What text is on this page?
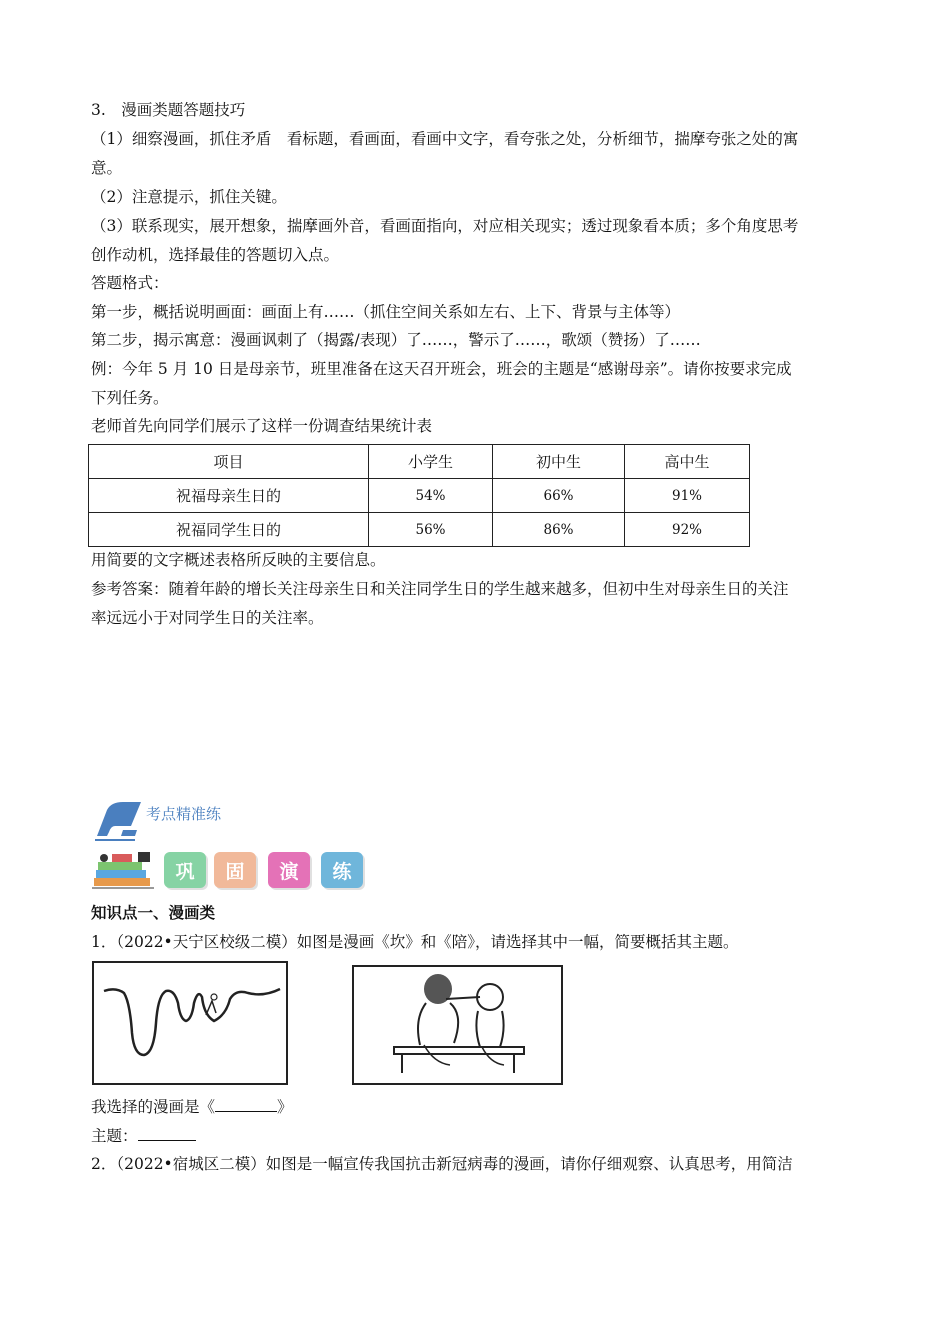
3.　漫画类题答题技巧
（1）细察漫画，抓住矛盾　看标题，看画面，看画中文字，看夸张之处，分析细节，揣摩夸张之处的寓
意。
（2）注意提示，抓住关键。
（3）联系现实，展开想象，揣摩画外音，看画面指向，对应相关现实；透过现象看本质；多个角度思考
创作动机，选择最佳的答题切入点。
答题格式：
第一步，概括说明画面：画面上有……（抓住空间关系如左右、上下、背景与主体等）
第二步，揭示寓意：漫画讽刺了（揭露/表现）了……，警示了……，歌颂（赞扬）了……
例：今年 5 月 10 日是母亲节，班里准备在这天召开班会，班会的主题是“感谢母亲”。请你按要求完成
下列任务。
老师首先向同学们展示了这样一份调查结果统计表
项目	小学生	初中生	高中生
祝福母亲生日的	54%	66%	91%
祝福同学生日的	56%	86%	92%
用简要的文字概述表格所反映的主要信息。
参考答案：随着年龄的增长关注母亲生日和关注同学生日的学生越来越多，但初中生对母亲生日的关注
率远远小于对同学生日的关注率。
考点精准练
巩 固 演 练
知识点一、漫画类
1．（2022•天宁区校级二模）如图是漫画《坎》和《陪》，请选择其中一幅，简要概括其主题。
我选择的漫画是《	》
主题：
2．（2022•宿城区二模）如图是一幅宣传我国抗击新冠病毒的漫画，请你仔细观察、认真思考，用简洁
